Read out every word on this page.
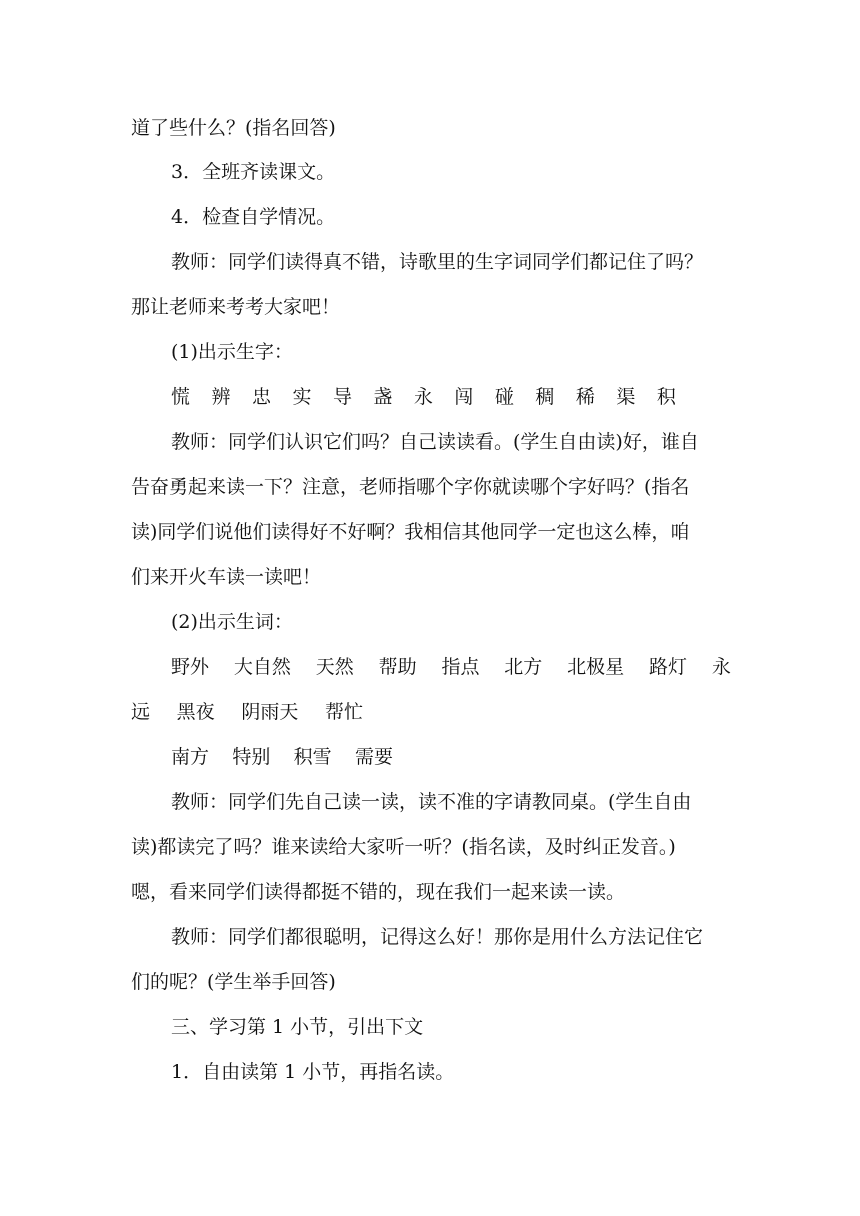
道了些什么？(指名回答)
3．全班齐读课文。
4．检查自学情况。
教师：同学们读得真不错，诗歌里的生字词同学们都记住了吗？
那让老师来考考大家吧！
(1)出示生字：
慌 辨 忠 实 导 盏 永 闯 碰 稠 稀 渠 积
教师：同学们认识它们吗？自己读读看。(学生自由读)好，谁自
告奋勇起来读一下？注意，老师指哪个字你就读哪个字好吗？(指名
读)同学们说他们读得好不好啊？我相信其他同学一定也这么棒，咱
们来开火车读一读吧！
(2)出示生词：
野外 大自然 天然 帮助 指点 北方 北极星 路灯 永
远 黑夜 阴雨天 帮忙
南方 特别 积雪 需要
教师：同学们先自己读一读，读不准的字请教同桌。(学生自由
读)都读完了吗？谁来读给大家听一听？(指名读，及时纠正发音。)
嗯，看来同学们读得都挺不错的，现在我们一起来读一读。
教师：同学们都很聪明，记得这么好！那你是用什么方法记住它
们的呢？(学生举手回答)
三、学习第 1 小节，引出下文
1．自由读第 1 小节，再指名读。
